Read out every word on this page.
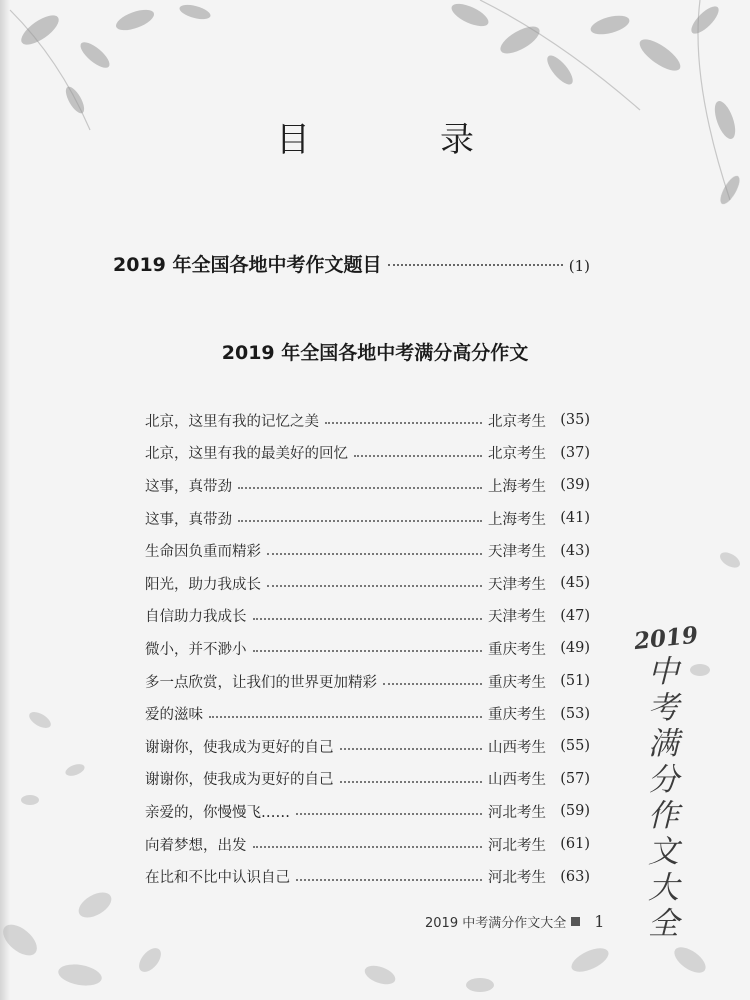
目　录
2019 年全国各地中考作文题目	(1)
2019 年全国各地中考满分高分作文
北京，这里有我的记忆之美	北京考生 (35)
北京，这里有我的最美好的回忆	北京考生 (37)
这事，真带劲	上海考生 (39)
这事，真带劲	上海考生 (41)
生命因负重而精彩	天津考生 (43)
阳光，助力我成长	天津考生 (45)
自信助力我成长	天津考生 (47)
微小，并不渺小	重庆考生 (49)
多一点欣赏，让我们的世界更加精彩	重庆考生 (51)
爱的滋味	重庆考生 (53)
谢谢你，使我成为更好的自己	山西考生 (55)
谢谢你，使我成为更好的自己	山西考生 (57)
亲爱的，你慢慢飞……	河北考生 (59)
向着梦想，出发	河北考生 (61)
在比和不比中认识自己	河北考生 (63)
2019
中考满分作文大全
2019 中考满分作文大全 1
